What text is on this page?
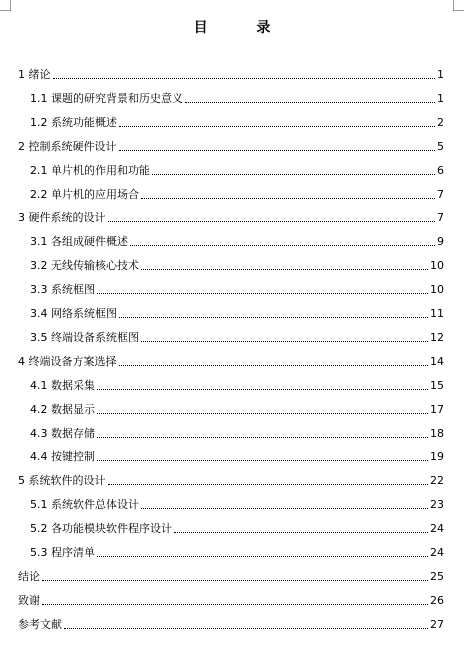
目 录
1 绪论	1
1.1 课题的研究背景和历史意义	1
1.2 系统功能概述	2
2 控制系统硬件设计	5
2.1 单片机的作用和功能	6
2.2 单片机的应用场合	7
3 硬件系统的设计	7
3.1 各组成硬件概述	9
3.2 无线传输核心技术	10
3.3 系统框图	10
3.4 网络系统框图	11
3.5 终端设备系统框图	12
4 终端设备方案选择	14
4.1 数据采集	15
4.2 数据显示	17
4.3 数据存储	18
4.4 按键控制	19
5 系统软件的设计	22
5.1 系统软件总体设计	23
5.2 各功能模块软件程序设计	24
5.3 程序清单	24
结论	25
致谢	26
参考文献	27
